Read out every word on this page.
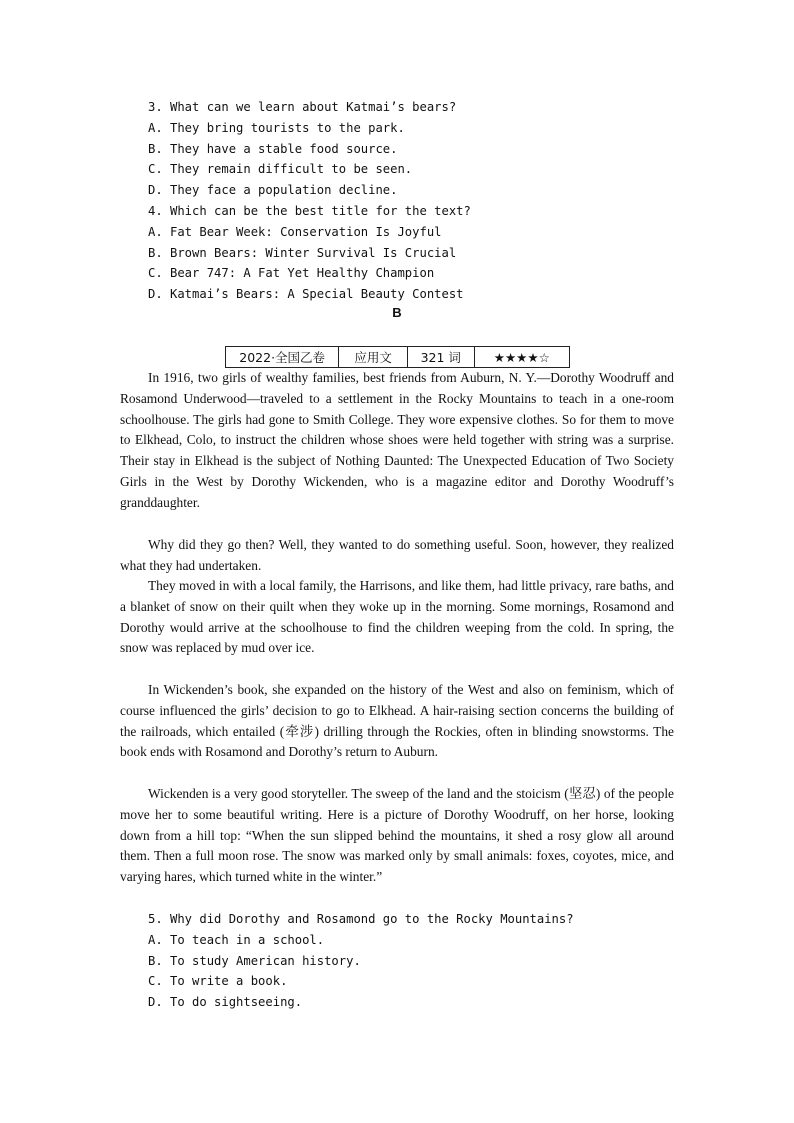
3. What can we learn about Katmai’s bears?
A. They bring tourists to the park.
B. They have a stable food source.
C. They remain difficult to be seen.
D. They face a population decline.
4. Which can be the best title for the text?
A. Fat Bear Week: Conservation Is Joyful
B. Brown Bears: Winter Survival Is Crucial
C. Bear 747: A Fat Yet Healthy Champion
D. Katmai’s Bears: A Special Beauty Contest
B
2022·全国乙卷	应用文	321 词	★★★★☆

In 1916, two girls of wealthy families, best friends from Auburn, N. Y.—Dorothy Woodruff and Rosamond Underwood—traveled to a settlement in the Rocky Mountains to teach in a one-room schoolhouse. The girls had gone to Smith College. They wore expensive clothes. So for them to move to Elkhead, Colo, to instruct the children whose shoes were held together with string was a surprise. Their stay in Elkhead is the subject of Nothing Daunted: The Unexpected Education of Two Society Girls in the West by Dorothy Wickenden, who is a magazine editor and Dorothy Woodruff’s granddaughter.

Why did they go then? Well, they wanted to do something useful. Soon, however, they realized what they had undertaken.

They moved in with a local family, the Harrisons, and like them, had little privacy, rare baths, and a blanket of snow on their quilt when they woke up in the morning. Some mornings, Rosamond and Dorothy would arrive at the schoolhouse to find the children weeping from the cold. In spring, the snow was replaced by mud over ice.

In Wickenden’s book, she expanded on the history of the West and also on feminism, which of course influenced the girls’ decision to go to Elkhead. A hair-raising section concerns the building of the railroads, which entailed (牵涉) drilling through the Rockies, often in blinding snowstorms. The book ends with Rosamond and Dorothy’s return to Auburn.

Wickenden is a very good storyteller. The sweep of the land and the stoicism (坚忍) of the people move her to some beautiful writing. Here is a picture of Dorothy Woodruff, on her horse, looking down from a hill top: “When the sun slipped behind the mountains, it shed a rosy glow all around them. Then a full moon rose. The snow was marked only by small animals: foxes, coyotes, mice, and varying hares, which turned white in the winter.”

5. Why did Dorothy and Rosamond go to the Rocky Mountains?
A. To teach in a school.
B. To study American history.
C. To write a book.
D. To do sightseeing.
